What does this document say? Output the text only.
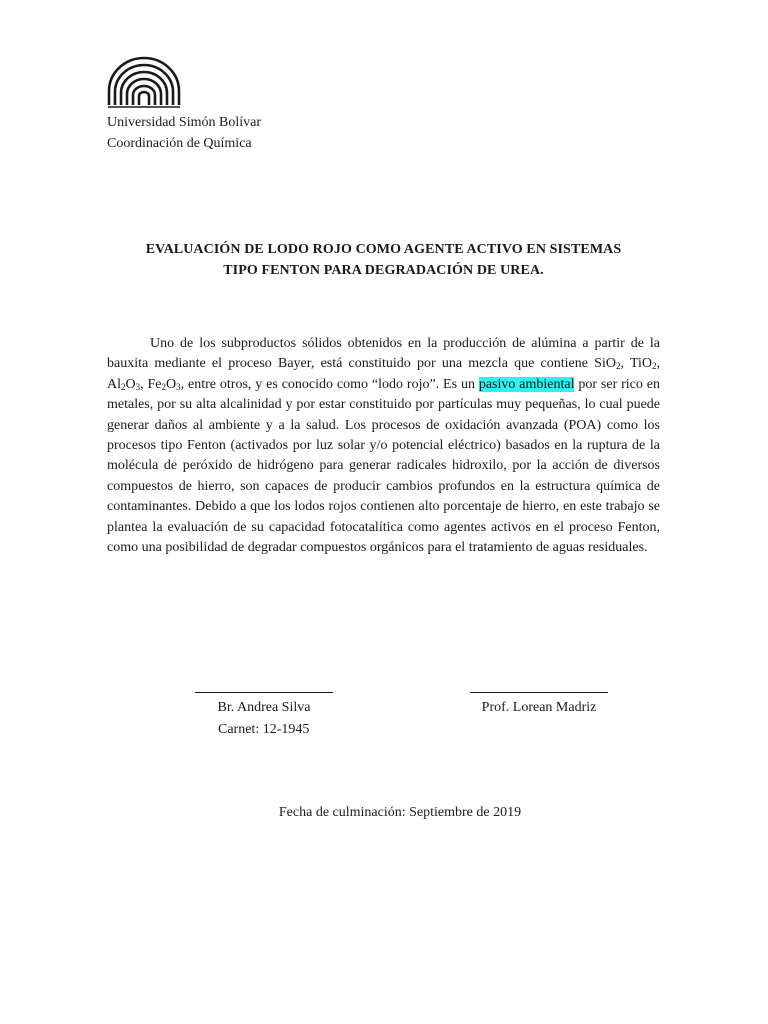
Universidad Simón Bolívar
Coordinación de Química
EVALUACIÓN DE LODO ROJO COMO AGENTE ACTIVO EN SISTEMAS
TIPO FENTON PARA DEGRADACIÓN DE UREA.

Uno de los subproductos sólidos obtenidos en la producción de alúmina a partir de la bauxita mediante el proceso Bayer, está constituido por una mezcla que contiene SiO$_2$, TiO$_2$, $Al_2O_3$, $Fe_2O_3$, entre otros, y es conocido como “lodo rojo”. Es un pasivo ambiental por ser rico en metales, por su alta alcalinidad y por estar constituido por partículas muy pequeñas, lo cual puede generar daños al ambiente y a la salud. Los procesos de oxidación avanzada (POA) como los procesos tipo Fenton (activados por luz solar y/o potencial eléctrico) basados en la ruptura de la molécula de peróxido de hidrógeno para generar radicales hidroxilo, por la acción de diversos compuestos de hierro, son capaces de producir cambios profundos en la estructura química de contaminantes. Debido a que los lodos rojos contienen alto porcentaje de hierro, en este trabajo se plantea la evaluación de su capacidad fotocatalítica como agentes activos en el proceso Fenton, como una posibilidad de degradar compuestos orgánicos para el tratamiento de aguas residuales.

Br. Andrea Silva	Prof. Lorean Madriz
Carnet: 12-1945
Fecha de culminación: Septiembre de 2019
